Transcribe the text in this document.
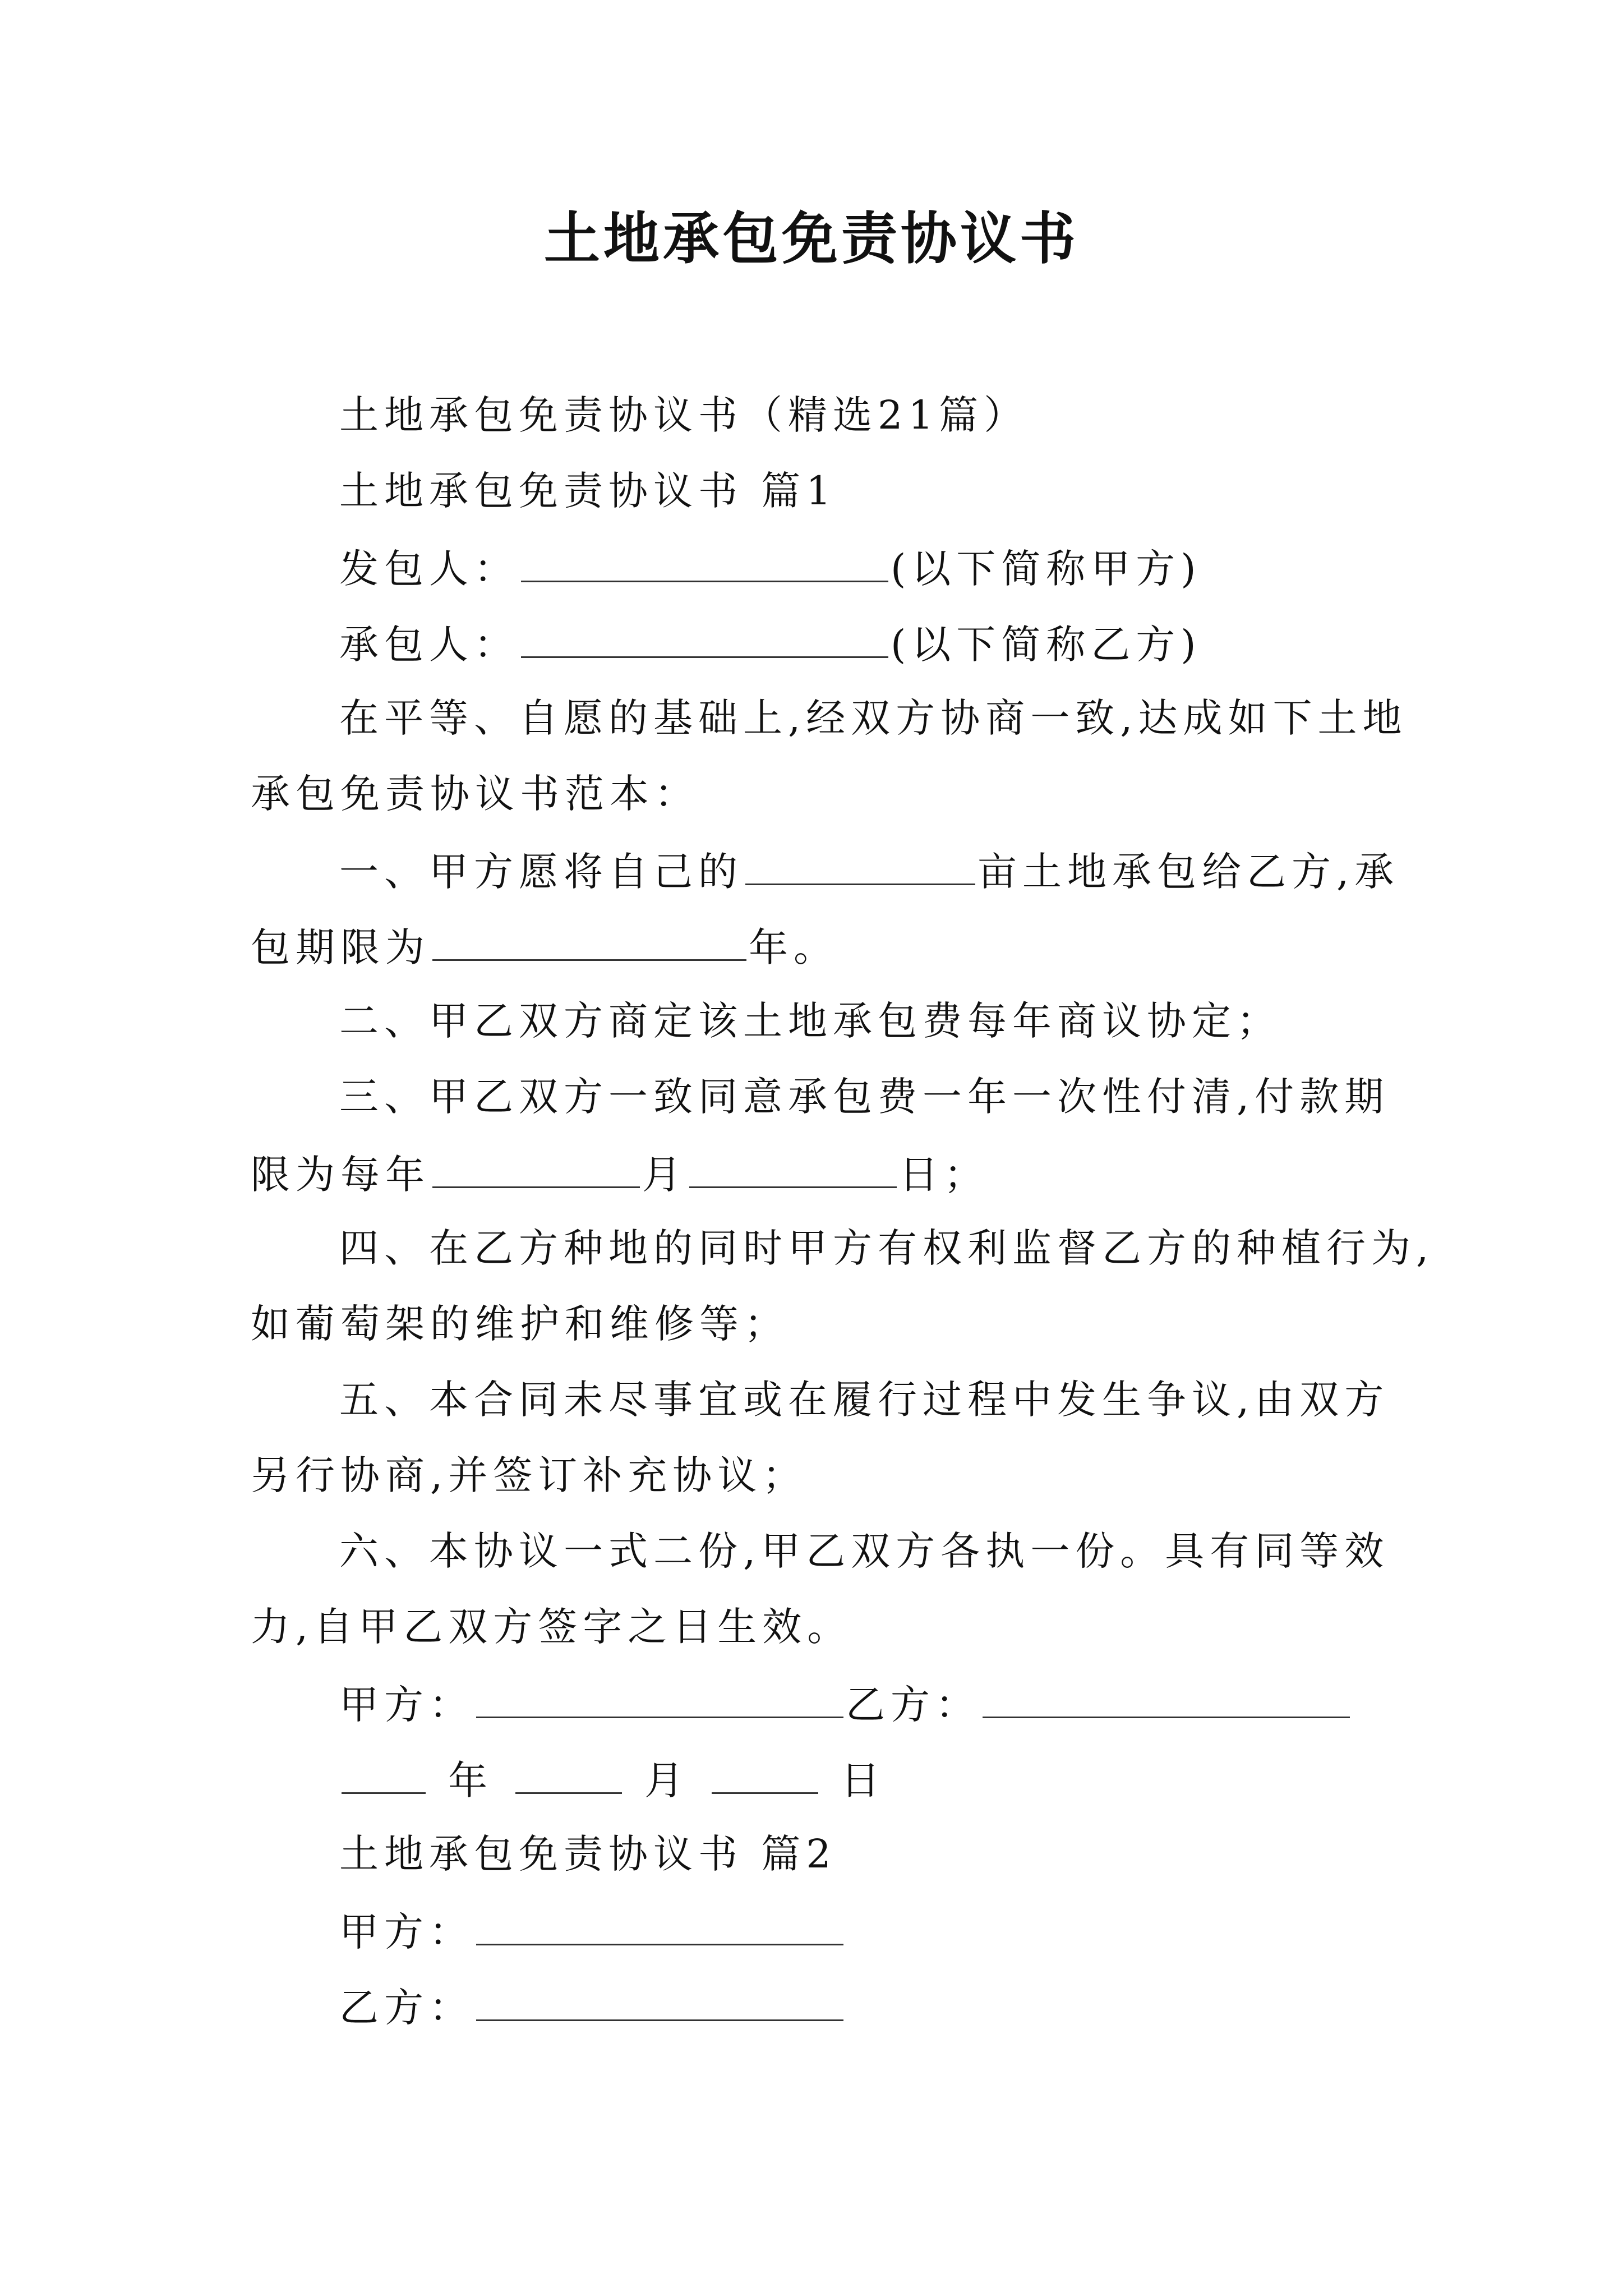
土地承包免责协议书
土地承包免责协议书（精选21篇）
土地承包免责协议书 篇1
发包人：	(以下简称甲方)
承包人：	(以下简称乙方)
在平等、自愿的基础上,经双方协商一致,达成如下土地
承包免责协议书范本：
一、甲方愿将自己的	亩土地承包给乙方,承
包期限为	年。
二、甲乙双方商定该土地承包费每年商议协定；
三、甲乙双方一致同意承包费一年一次性付清,付款期
限为每年	月	日；
四、在乙方种地的同时甲方有权利监督乙方的种植行为,
如葡萄架的维护和维修等；
五、本合同未尽事宜或在履行过程中发生争议,由双方
另行协商,并签订补充协议；
六、本协议一式二份,甲乙双方各执一份。具有同等效
力,自甲乙双方签字之日生效。
甲方：	乙方：
年	月	日
土地承包免责协议书 篇2
甲方：
乙方：
